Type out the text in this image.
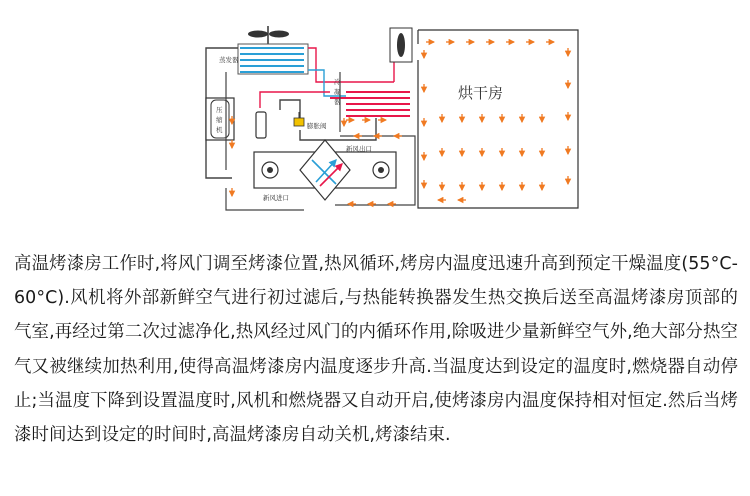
蒸发器
压
缩
机	膨胀阀
冷
凝
器
新风出口
新风进口
烘干房
高温烤漆房工作时,将风门调至烤漆位置,热风循环,烤房内温度迅速升高到预定干燥温度(55°C-60°C).风机将外部新鲜空气进行初过滤后,与热能转换器发生热交换后送至高温烤漆房顶部的气室,再经过第二次过滤净化,热风经过风门的内循环作用,除吸进少量新鲜空气外,绝大部分热空气又被继续加热利用,使得高温烤漆房内温度逐步升高.当温度达到设定的温度时,燃烧器自动停止;当温度下降到设置温度时,风机和燃烧器又自动开启,使烤漆房内温度保持相对恒定.然后当烤漆时间达到设定的时间时,高温烤漆房自动关机,烤漆结束.
